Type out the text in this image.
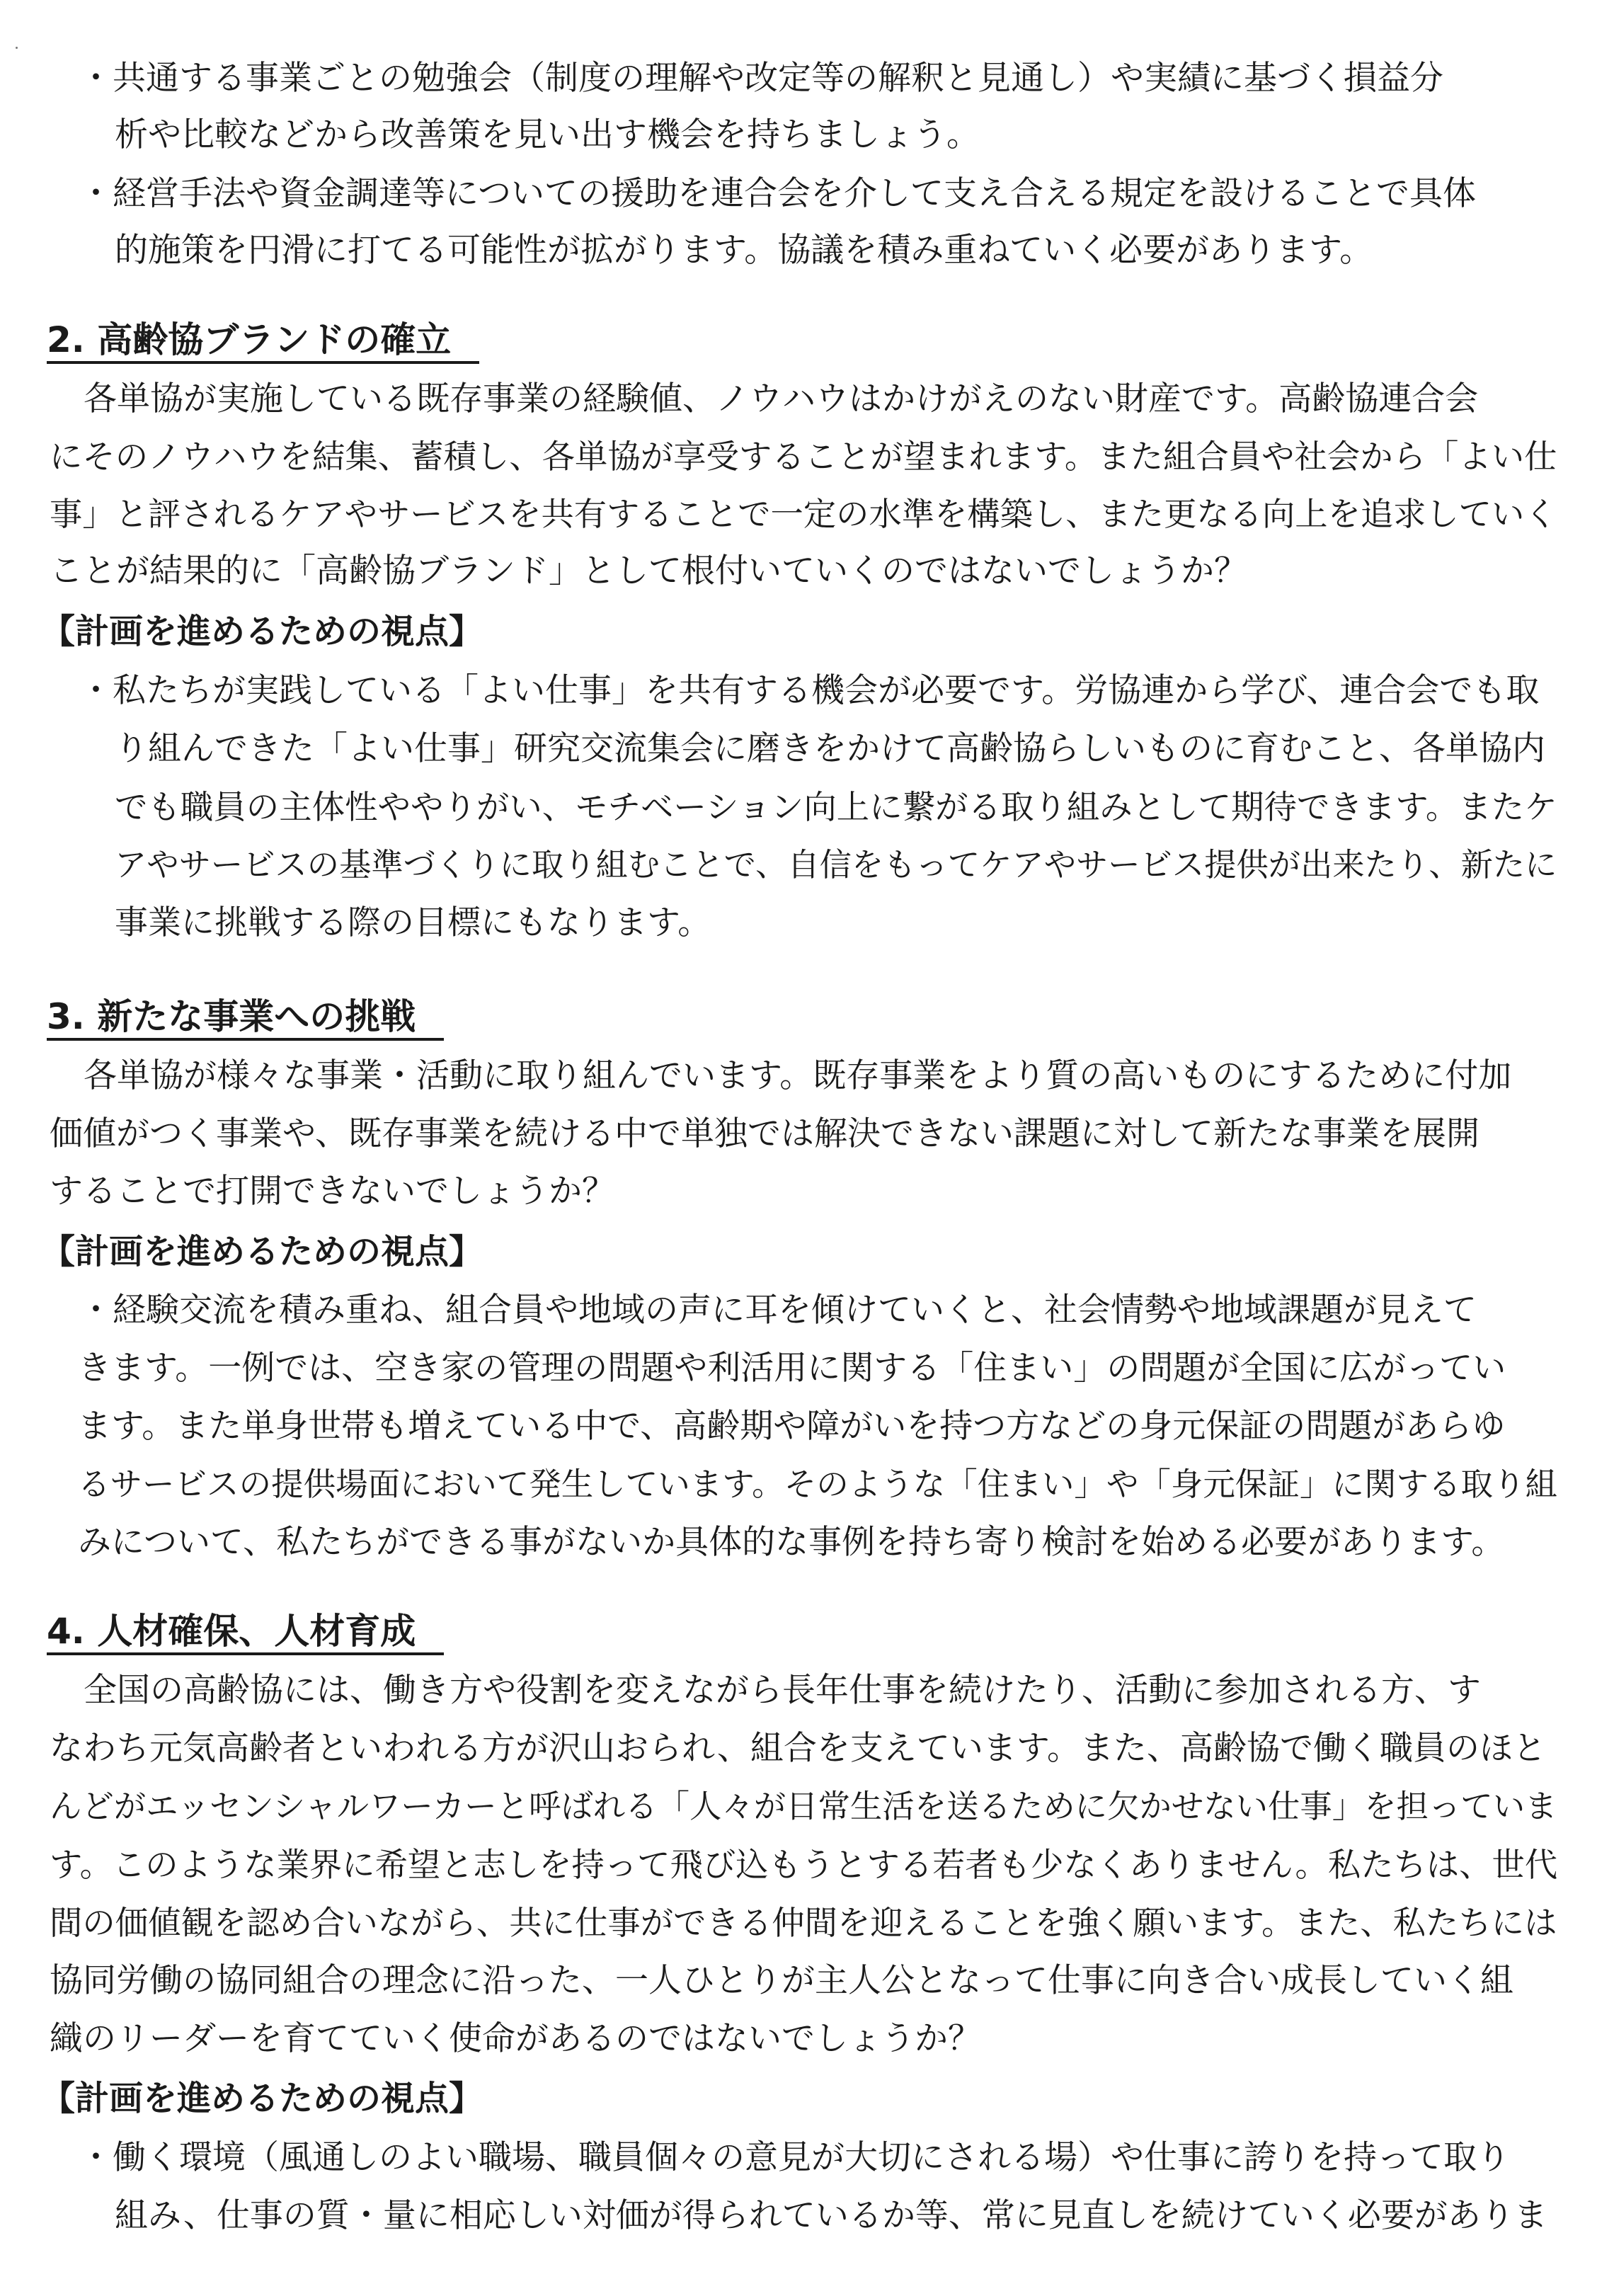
・共通する事業ごとの勉強会（制度の理解や改定等の解釈と見通し）や実績に基づく損益分
析や比較などから改善策を見い出す機会を持ちましょう。
・経営手法や資金調達等についての援助を連合会を介して支え合える規定を設けることで具体
的施策を円滑に打てる可能性が拡がります。協議を積み重ねていく必要があります。
2. 高齢協ブランドの確立
各単協が実施している既存事業の経験値、ノウハウはかけがえのない財産です。高齢協連合会
にそのノウハウを結集、蓄積し、各単協が享受することが望まれます。また組合員や社会から「よい仕
事」と評されるケアやサービスを共有することで一定の水準を構築し、また更なる向上を追求していく
ことが結果的に「高齢協ブランド」として根付いていくのではないでしょうか？
【計画を進めるための視点】
・私たちが実践している「よい仕事」を共有する機会が必要です。労協連から学び、連合会でも取
り組んできた「よい仕事」研究交流集会に磨きをかけて高齢協らしいものに育むこと、各単協内
でも職員の主体性ややりがい、モチベーション向上に繋がる取り組みとして期待できます。またケ
アやサービスの基準づくりに取り組むことで、自信をもってケアやサービス提供が出来たり、新たに
事業に挑戦する際の目標にもなります。
3. 新たな事業への挑戦
各単協が様々な事業・活動に取り組んでいます。既存事業をより質の高いものにするために付加
価値がつく事業や、既存事業を続ける中で単独では解決できない課題に対して新たな事業を展開
することで打開できないでしょうか？
【計画を進めるための視点】
・経験交流を積み重ね、組合員や地域の声に耳を傾けていくと、社会情勢や地域課題が見えて
きます。一例では、空き家の管理の問題や利活用に関する「住まい」の問題が全国に広がってい
ます。また単身世帯も増えている中で、高齢期や障がいを持つ方などの身元保証の問題があらゆ
るサービスの提供場面において発生しています。そのような「住まい」や「身元保証」に関する取り組
みについて、私たちができる事がないか具体的な事例を持ち寄り検討を始める必要があります。
4. 人材確保、人材育成
全国の高齢協には、働き方や役割を変えながら長年仕事を続けたり、活動に参加される方、す
なわち元気高齢者といわれる方が沢山おられ、組合を支えています。また、高齢協で働く職員のほと
んどがエッセンシャルワーカーと呼ばれる「人々が日常生活を送るために欠かせない仕事」を担っていま
す。このような業界に希望と志しを持って飛び込もうとする若者も少なくありません。私たちは、世代
間の価値観を認め合いながら、共に仕事ができる仲間を迎えることを強く願います。また、私たちには
協同労働の協同組合の理念に沿った、一人ひとりが主人公となって仕事に向き合い成長していく組
織のリーダーを育てていく使命があるのではないでしょうか？
【計画を進めるための視点】
・働く環境（風通しのよい職場、職員個々の意見が大切にされる場）や仕事に誇りを持って取り
組み、仕事の質・量に相応しい対価が得られているか等、常に見直しを続けていく必要がありま
